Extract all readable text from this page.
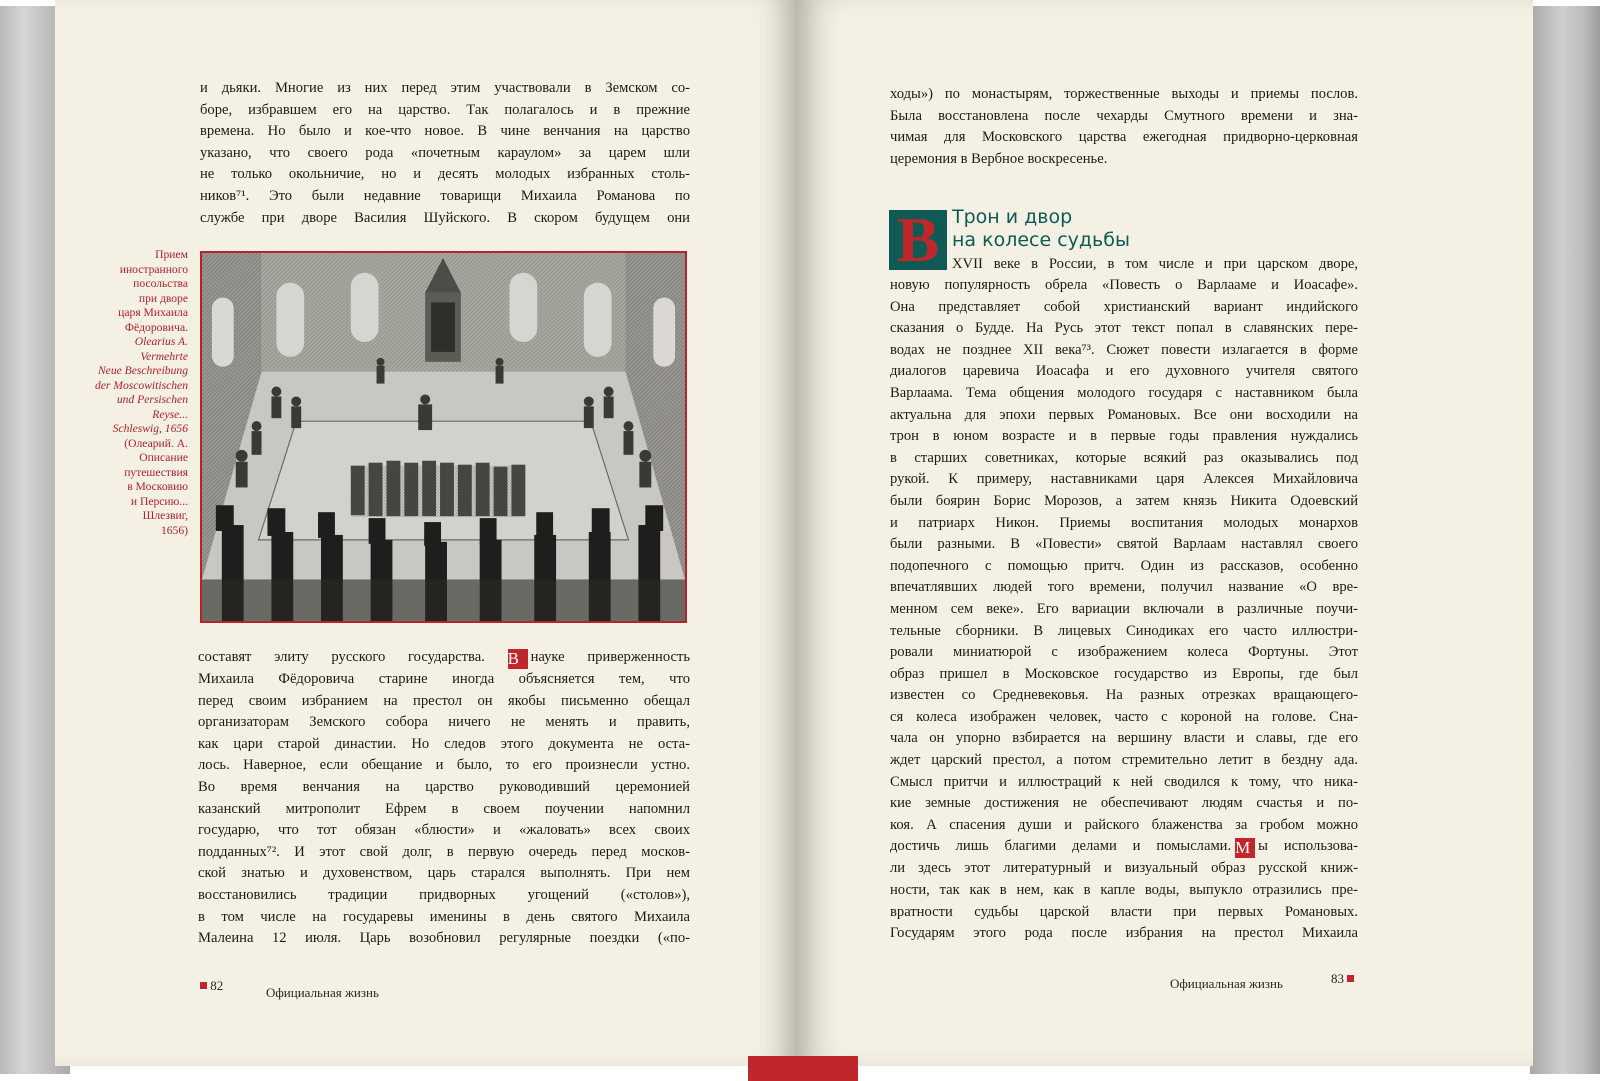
и дьяки. Многие из них перед этим участвовали в Земском со-
боре, избравшем его на царство. Так полагалось и в прежние
времена. Но было и кое-что новое. В чине венчания на царство
указано, что своего рода «почетным караулом» за царем шли
не только окольничие, но и десять молодых избранных столь-
ников⁷¹. Это были недавние товарищи Михаила Романова по
службе при дворе Василия Шуйского. В скором будущем они
Прием
иностранного
посольства
при дворе
царя Михаила
Фёдоровича.
Olearius A.
Vermehrte
Neue Beschreibung
der Moscowitischen
und Persischen
Reyse...
Schleswig, 1656
(Олеарий. А.
Описание
путешествия
в Московию
и Персию...
Шлезвиг,
1656)
составят элиту русского государства. В науке приверженность
Михаила Фёдоровича старине иногда объясняется тем, что
перед своим избранием на престол он якобы письменно обещал
организаторам Земского собора ничего не менять и править,
как цари старой династии. Но следов этого документа не оста-
лось. Наверное, если обещание и было, то его произнесли устно.
Во время венчания на царство руководивший церемонией
казанский митрополит Ефрем в своем поучении напомнил
государю, что тот обязан «блюсти» и «жаловать» всех своих
подданных⁷². И этот свой долг, в первую очередь перед москов-
ской знатью и духовенством, царь старался выполнять. При нем
восстановились традиции придворных угощений («столов»),
в том числе на государевы именины в день святого Михаила
Малеина 12 июля. Царь возобновил регулярные поездки («по-
82	Официальная жизнь
ходы») по монастырям, торжественные выходы и приемы послов.
Была восстановлена после чехарды Смутного времени и зна-
чимая для Московского царства ежегодная придворно-церковная
церемония в Вербное воскресенье.
В Трон и двор
на колесе судьбы
XVII веке в России, в том числе и при царском дворе,
новую популярность обрела «Повесть о Варлааме и Иоасафе».
Она представляет собой христианский вариант индийского
сказания о Будде. На Русь этот текст попал в славянских пере-
водах не позднее XII века⁷³. Сюжет повести излагается в форме
диалогов царевича Иоасафа и его духовного учителя святого
Варлаама. Тема общения молодого государя с наставником была
актуальна для эпохи первых Романовых. Все они восходили на
трон в юном возрасте и в первые годы правления нуждались
в старших советниках, которые всякий раз оказывались под
рукой. К примеру, наставниками царя Алексея Михайловича
были боярин Борис Морозов, а затем князь Никита Одоевский
и патриарх Никон. Приемы воспитания молодых монархов
были разными. В «Повести» святой Варлаам наставлял своего
подопечного с помощью притч. Один из рассказов, особенно
впечатлявших людей того времени, получил название «О вре-
менном сем веке». Его вариации включали в различные поучи-
тельные сборники. В лицевых Синодиках его часто иллюстри-
ровали миниатюрой с изображением колеса Фортуны. Этот
образ пришел в Московское государство из Европы, где был
известен со Средневековья. На разных отрезках вращающего-
ся колеса изображен человек, часто с короной на голове. Сна-
чала он упорно взбирается на вершину власти и славы, где его
ждет царский престол, а потом стремительно летит в бездну ада.
Смысл притчи и иллюстраций к ней сводился к тому, что ника-
кие земные достижения не обеспечивают людям счастья и по-
коя. А спасения души и райского блаженства за гробом можно
достичь лишь благими делами и помыслами. М ы использова-
ли здесь этот литературный и визуальный образ русской книж-
ности, так как в нем, как в капле воды, выпукло отразились пре-
вратности судьбы царской власти при первых Романовых.
Государям этого рода после избрания на престол Михаила
Официальная жизнь	83
